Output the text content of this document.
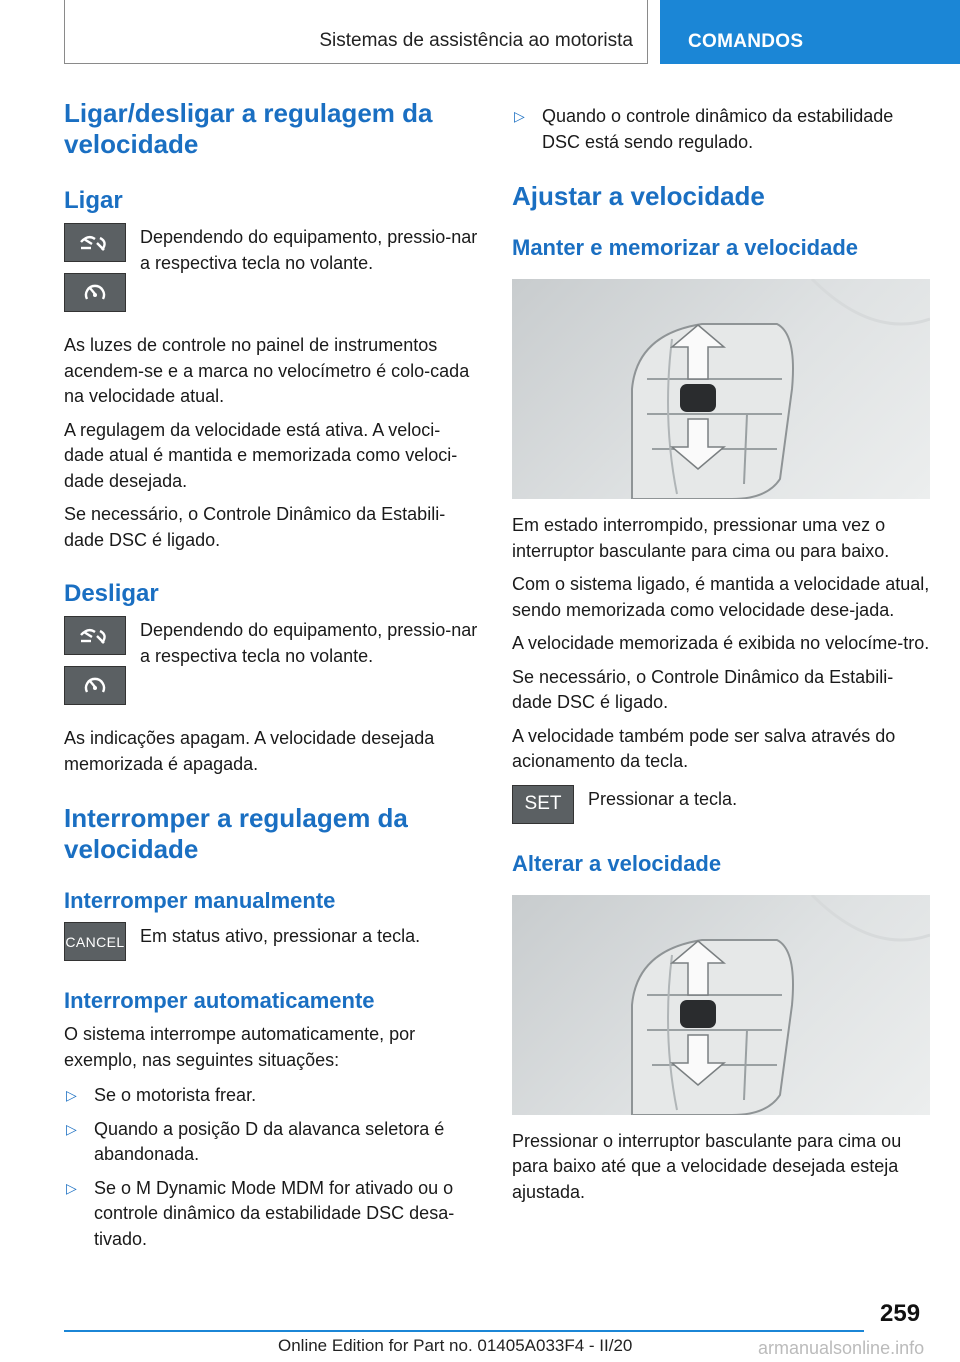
Sistemas de assistência ao motorista	COMANDOS
Ligar/desligar a regulagem da velocidade
Ligar

Dependendo do equipamento, pressio-nar a respectiva tecla no volante.

As luzes de controle no painel de instrumentos acendem-se e a marca no velocímetro é colo-cada na velocidade atual.

A regulagem da velocidade está ativa. A veloci-dade atual é mantida e memorizada como veloci-dade desejada.

Se necessário, o Controle Dinâmico da Estabili-dade DSC é ligado.

Desligar

Dependendo do equipamento, pressio-nar a respectiva tecla no volante.

As indicações apagam. A velocidade desejada memorizada é apagada.

Interromper a regulagem da velocidade
Interromper manualmente
CANCEL Em status ativo, pressionar a tecla.

Interromper automaticamente

O sistema interrompe automaticamente, por exemplo, nas seguintes situações:

▷ Se o motorista frear.
▷ Quando a posição D da alavanca seletora é abandonada.
▷ Se o M Dynamic Mode MDM for ativado ou o controle dinâmico da estabilidade DSC desa-tivado.
▷ Quando o controle dinâmico da estabilidade DSC está sendo regulado.
Ajustar a velocidade
Manter e memorizar a velocidade

Em estado interrompido, pressionar uma vez o interruptor basculante para cima ou para baixo.

Com o sistema ligado, é mantida a velocidade atual, sendo memorizada como velocidade dese-jada.

A velocidade memorizada é exibida no velocíme-tro.

Se necessário, o Controle Dinâmico da Estabili-dade DSC é ligado.

A velocidade também pode ser salva através do acionamento da tecla.

SET Pressionar a tecla.

Alterar a velocidade

Pressionar o interruptor basculante para cima ou para baixo até que a velocidade desejada esteja ajustada.

259
Online Edition for Part no. 01405A033F4 - II/20	armanualsonline.info
